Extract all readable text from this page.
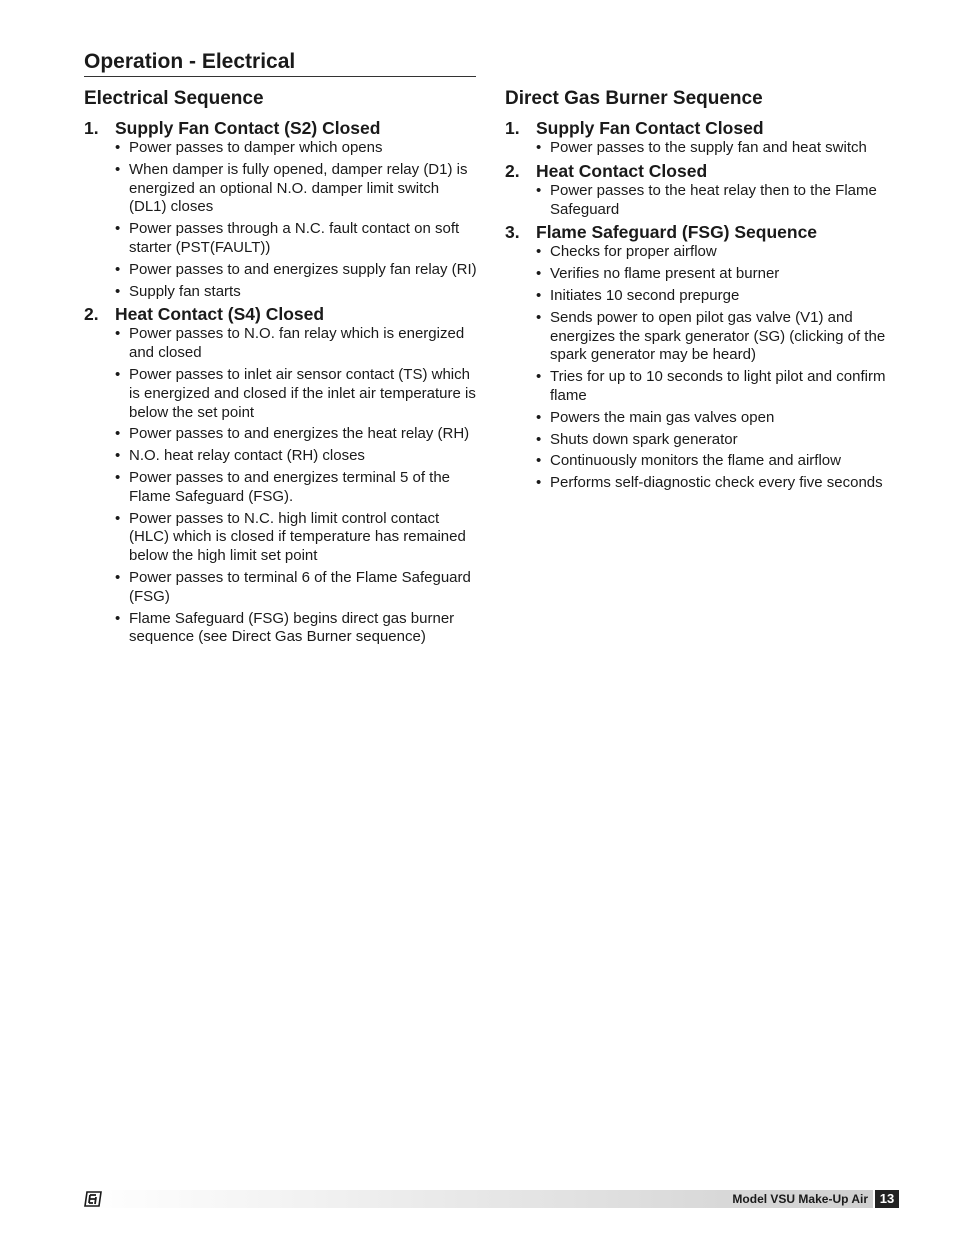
Operation - Electrical
Electrical Sequence
1. Supply Fan Contact (S2) Closed
• Power passes to damper which opens
• When damper is fully opened, damper relay (D1) is energized an optional N.O. damper limit switch (DL1) closes
• Power passes through a N.C. fault contact on soft starter (PST(FAULT))
• Power passes to and energizes supply fan relay (RI)
• Supply fan starts
2. Heat Contact (S4) Closed
• Power passes to N.O. fan relay which is energized and closed
• Power passes to inlet air sensor contact (TS) which is energized and closed if the inlet air temperature is below the set point
• Power passes to and energizes the heat relay (RH)
• N.O. heat relay contact (RH) closes
• Power passes to and energizes terminal 5 of the Flame Safeguard (FSG).
• Power passes to N.C. high limit control contact (HLC) which is closed if temperature has remained below the high limit set point
• Power passes to terminal 6 of the Flame Safeguard (FSG)
• Flame Safeguard (FSG) begins direct gas burner sequence (see Direct Gas Burner sequence)
Direct Gas Burner Sequence
1. Supply Fan Contact Closed
• Power passes to the supply fan and heat switch
2. Heat Contact Closed
• Power passes to the heat relay then to the Flame Safeguard
3. Flame Safeguard (FSG) Sequence
• Checks for proper airflow
• Verifies no flame present at burner
• Initiates 10 second prepurge
• Sends power to open pilot gas valve (V1) and energizes the spark generator (SG) (clicking of the spark generator may be heard)
• Tries for up to 10 seconds to light pilot and confirm flame
• Powers the main gas valves open
• Shuts down spark generator
• Continuously monitors the flame and airflow
• Performs self-diagnostic check every five seconds
Model VSU Make-Up Air 13
